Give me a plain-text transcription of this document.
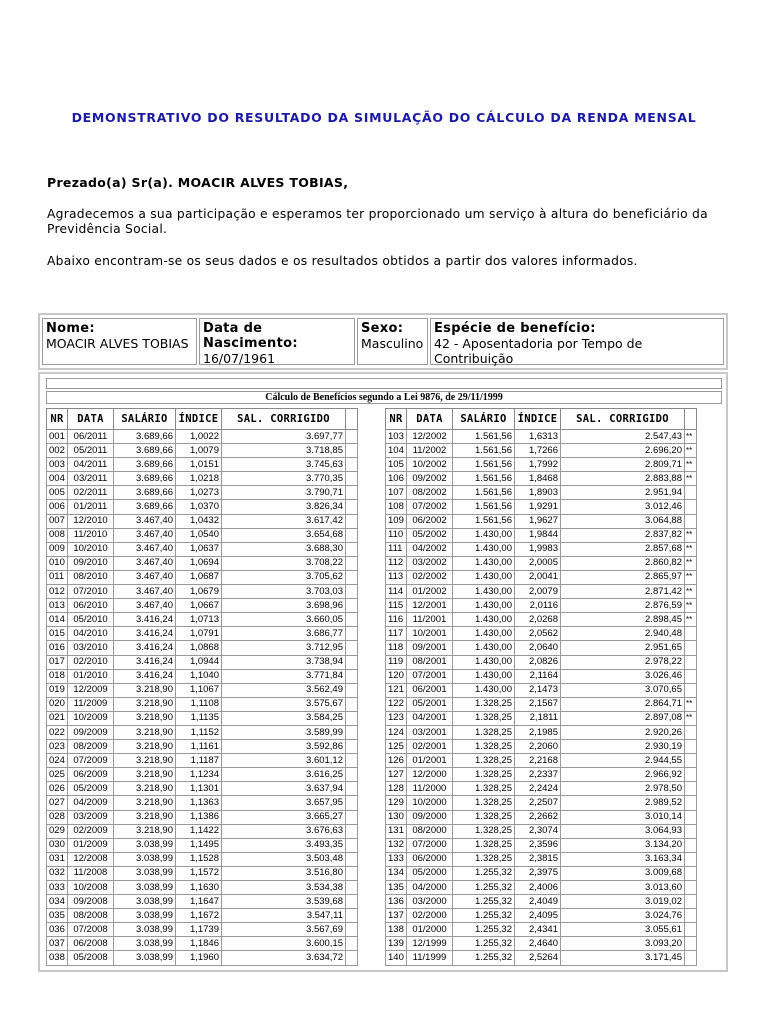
DEMONSTRATIVO DO RESULTADO DA SIMULAÇÃO DO CÁLCULO DA RENDA MENSAL
Prezado(a) Sr(a). MOACIR ALVES TOBIAS,
Agradecemos a sua participação e esperamos ter proporcionado um serviço à altura do beneficiário da Previdência Social.
Abaixo encontram-se os seus dados e os resultados obtidos a partir dos valores informados.
Nome:
MOACIR ALVES TOBIAS
Data de Nascimento:
16/07/1961
Sexo:
Masculino
Espécie de benefício:
42 - Aposentadoria por Tempo de Contribuição
Cálculo de Benefícios segundo a Lei 9876, de 29/11/1999
NR	DATA	SALÁRIO	ÍNDICE	SAL. CORRIGIDO	
001	06/2011	3.689,66	1,0022	3.697,77	
002	05/2011	3.689,66	1,0079	3.718,85	
003	04/2011	3.689,66	1,0151	3.745,63	
004	03/2011	3.689,66	1,0218	3.770,35	
005	02/2011	3.689,66	1,0273	3.790,71	
006	01/2011	3.689,66	1,0370	3.826,34	
007	12/2010	3.467,40	1,0432	3.617,42	
008	11/2010	3.467,40	1,0540	3.654,68	
009	10/2010	3.467,40	1,0637	3.688,30	
010	09/2010	3.467,40	1,0694	3.708,22	
011	08/2010	3.467,40	1,0687	3.705,62	
012	07/2010	3.467,40	1,0679	3.703,03	
013	06/2010	3.467,40	1,0667	3.698,96	
014	05/2010	3.416,24	1,0713	3.660,05	
015	04/2010	3.416,24	1,0791	3.686,77	
016	03/2010	3.416,24	1,0868	3.712,95	
017	02/2010	3.416,24	1,0944	3.738,94	
018	01/2010	3.416,24	1,1040	3.771,84	
019	12/2009	3.218,90	1,1067	3.562,49	
020	11/2009	3.218,90	1,1108	3.575,67	
021	10/2009	3.218,90	1,1135	3.584,25	
022	09/2009	3.218,90	1,1152	3.589,99	
023	08/2009	3.218,90	1,1161	3.592,86	
024	07/2009	3.218,90	1,1187	3.601,12	
025	06/2009	3.218,90	1,1234	3.616,25	
026	05/2009	3.218,90	1,1301	3.637,94	
027	04/2009	3.218,90	1,1363	3.657,95	
028	03/2009	3.218,90	1,1386	3.665,27	
029	02/2009	3.218,90	1,1422	3.676,63	
030	01/2009	3.038,99	1,1495	3.493,35	
031	12/2008	3.038,99	1,1528	3.503,48	
032	11/2008	3.038,99	1,1572	3.516,80	
033	10/2008	3.038,99	1,1630	3.534,38	
034	09/2008	3.038,99	1,1647	3.539,68	
035	08/2008	3.038,99	1,1672	3.547,11	
036	07/2008	3.038,99	1,1739	3.567,69	
037	06/2008	3.038,99	1,1846	3.600,15	
038	05/2008	3.038,99	1,1960	3.634,72	
NR	DATA	SALÁRIO	ÍNDICE	SAL. CORRIGIDO	
103	12/2002	1.561,56	1,6313	2.547,43	**
104	11/2002	1.561,56	1,7266	2.696,20	**
105	10/2002	1.561,56	1,7992	2.809,71	**
106	09/2002	1.561,56	1,8468	2.883,88	**
107	08/2002	1.561,56	1,8903	2.951,94	
108	07/2002	1.561,56	1,9291	3.012,46	
109	06/2002	1.561,56	1,9627	3.064,88	
110	05/2002	1.430,00	1,9844	2.837,82	**
111	04/2002	1.430,00	1,9983	2.857,68	**
112	03/2002	1.430,00	2,0005	2.860,82	**
113	02/2002	1.430,00	2,0041	2.865,97	**
114	01/2002	1.430,00	2,0079	2.871,42	**
115	12/2001	1.430,00	2,0116	2.876,59	**
116	11/2001	1.430,00	2,0268	2.898,45	**
117	10/2001	1.430,00	2,0562	2.940,48	
118	09/2001	1.430,00	2,0640	2.951,65	
119	08/2001	1.430,00	2,0826	2.978,22	
120	07/2001	1.430,00	2,1164	3.026,46	
121	06/2001	1.430,00	2,1473	3.070,65	
122	05/2001	1.328,25	2,1567	2.864,71	**
123	04/2001	1.328,25	2,1811	2.897,08	**
124	03/2001	1.328,25	2,1985	2.920,26	
125	02/2001	1.328,25	2,2060	2.930,19	
126	01/2001	1.328,25	2,2168	2.944,55	
127	12/2000	1.328,25	2,2337	2.966,92	
128	11/2000	1.328,25	2,2424	2.978,50	
129	10/2000	1.328,25	2,2507	2.989,52	
130	09/2000	1.328,25	2,2662	3.010,14	
131	08/2000	1.328,25	2,3074	3.064,93	
132	07/2000	1.328,25	2,3596	3.134,20	
133	06/2000	1.328,25	2,3815	3.163,34	
134	05/2000	1.255,32	2,3975	3.009,68	
135	04/2000	1.255,32	2,4006	3.013,60	
136	03/2000	1.255,32	2,4049	3.019,02	
137	02/2000	1.255,32	2,4095	3.024,76	
138	01/2000	1.255,32	2,4341	3.055,61	
139	12/1999	1.255,32	2,4640	3.093,20	
140	11/1999	1.255,32	2,5264	3.171,45	
